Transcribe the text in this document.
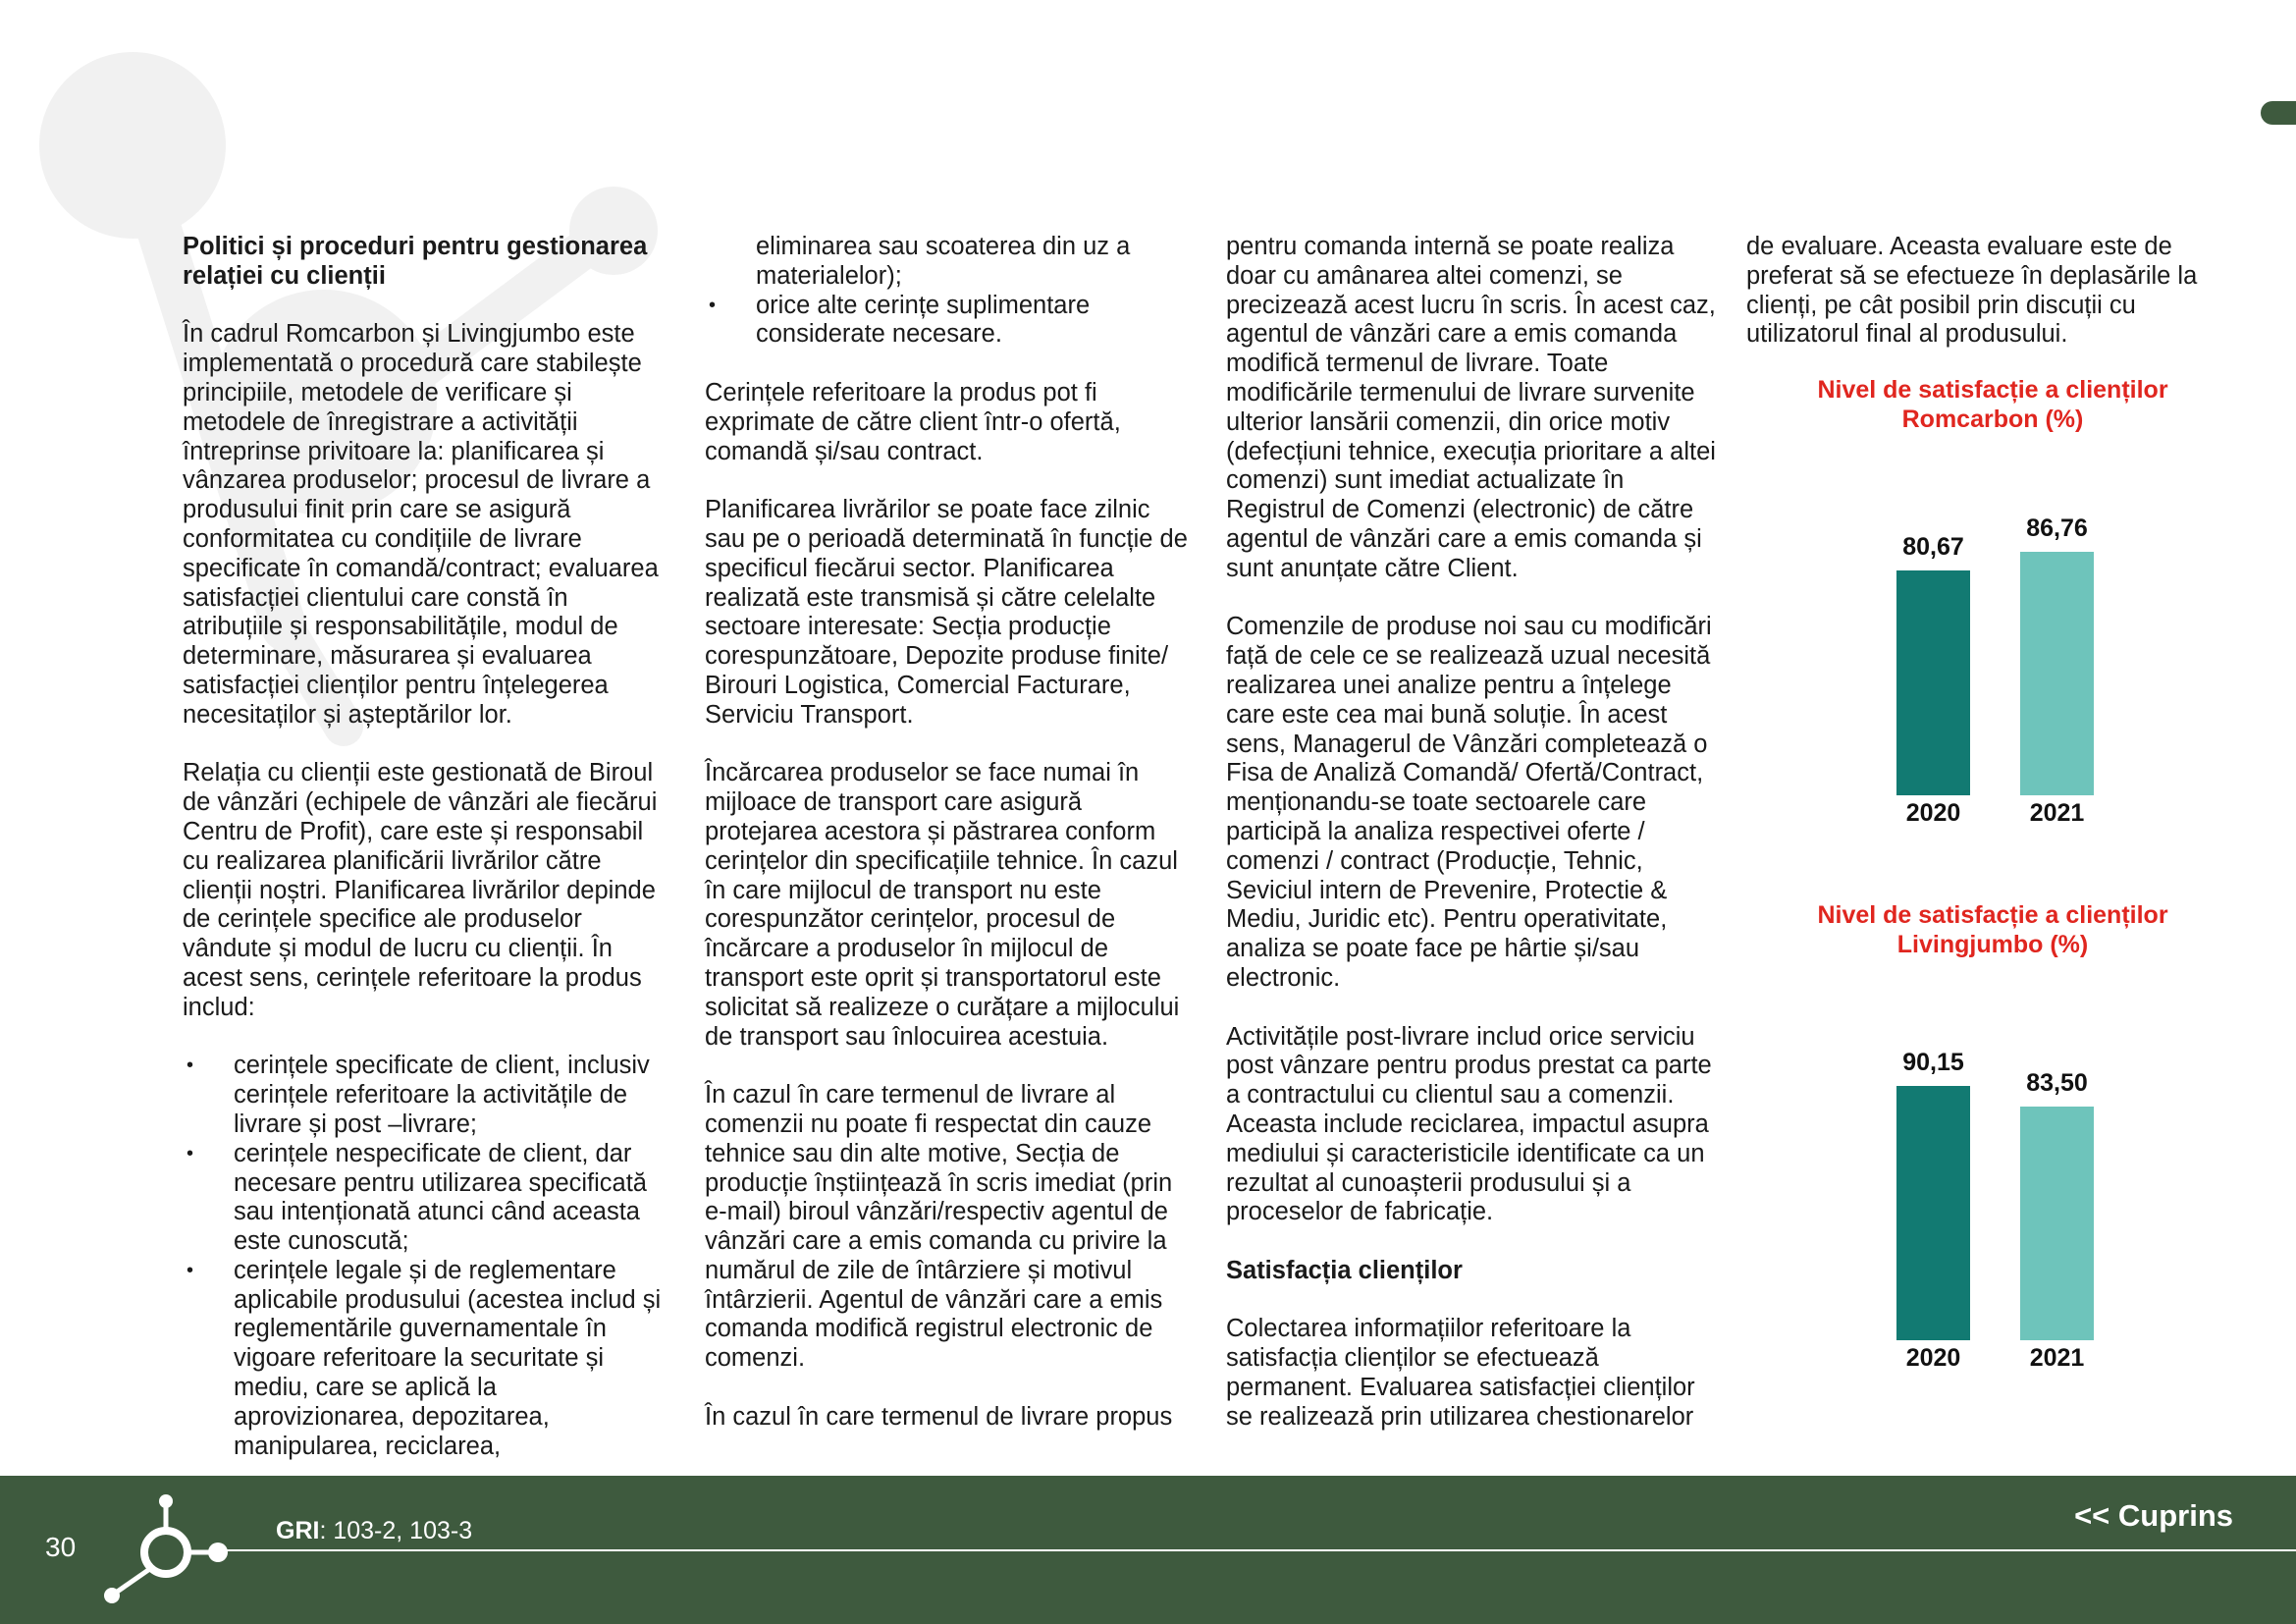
Politici și proceduri pentru gestionarea relației cu clienții

În cadrul Romcarbon și Livingjumbo este implementată o procedură care stabilește principiile, metodele de verificare și metodele de înregistrare a activității întreprinse privitoare la: planificarea și vânzarea produselor; procesul de livrare a produsului finit prin care se asigură conformitatea cu condițiile de livrare specificate în comandă/contract; evaluarea satisfacției clientului care constă în atribuțiile și responsabilitățile, modul de determinare, măsurarea și evaluarea satisfacției clienților pentru înțelegerea necesitaților și așteptărilor lor.

Relația cu clienții este gestionată de Biroul de vânzări (echipele de vânzări ale fiecărui Centru de Profit), care este și responsabil cu realizarea planificării livrărilor către clienții noștri. Planificarea livrărilor depinde de cerințele specifice ale produselor vândute și modul de lucru cu clienții. În acest sens, cerințele referitoare la produs includ:

• cerințele specificate de client, inclusiv cerințele referitoare la activitățile de livrare și post –livrare;
• cerințele nespecificate de client, dar necesare pentru utilizarea specificată sau intenționată atunci când aceasta este cunoscută;
• cerințele legale și de reglementare aplicabile produsului (acestea includ și reglementările guvernamentale în vigoare referitoare la securitate și mediu, care se aplică la aprovizionarea, depozitarea, manipularea, reciclarea,
eliminarea sau scoaterea din uz a materialelor);
• orice alte cerințe suplimentare considerate necesare.

Cerințele referitoare la produs pot fi exprimate de către client într-o ofertă, comandă și/sau contract.

Planificarea livrărilor se poate face zilnic sau pe o perioadă determinată în funcție de specificul fiecărui sector. Planificarea realizată este transmisă și către celelalte sectoare interesate: Secția producție corespunzătoare, Depozite produse finite/ Birouri Logistica, Comercial Facturare, Serviciu Transport.

Încărcarea produselor se face numai în mijloace de transport care asigură protejarea acestora și păstrarea conform cerințelor din specificațiile tehnice. În cazul în care mijlocul de transport nu este corespunzător cerințelor, procesul de încărcare a produselor în mijlocul de transport este oprit și transportatorul este solicitat să realizeze o curățare a mijlocului de transport sau înlocuirea acestuia.

În cazul în care termenul de livrare al comenzii nu poate fi respectat din cauze tehnice sau din alte motive, Secția de producție înștiințează în scris imediat (prin e-mail) biroul vânzări/respectiv agentul de vânzări care a emis comanda cu privire la numărul de zile de întârziere și motivul întârzierii. Agentul de vânzări care a emis comanda modifică registrul electronic de comenzi.

În cazul în care termenul de livrare propus

pentru comanda internă se poate realiza doar cu amânarea altei comenzi, se precizează acest lucru în scris. În acest caz, agentul de vânzări care a emis comanda modifică termenul de livrare. Toate modificările termenului de livrare survenite ulterior lansării comenzii, din orice motiv (defecțiuni tehnice, execuția prioritare a altei comenzi) sunt imediat actualizate în Registrul de Comenzi (electronic) de către agentul de vânzări care a emis comanda și sunt anunțate către Client.

Comenzile de produse noi sau cu modificări față de cele ce se realizează uzual necesită realizarea unei analize pentru a înțelege care este cea mai bună soluție. În acest sens, Managerul de Vânzări completează o Fisa de Analiză Comandă/ Ofertă/Contract, menționandu-se toate sectoarele care participă la analiza respectivei oferte / comenzi / contract (Producție, Tehnic, Seviciul intern de Prevenire, Protectie & Mediu, Juridic etc). Pentru operativitate, analiza se poate face pe hârtie și/sau electronic.

Activitățile post-livrare includ orice serviciu post vânzare pentru produs prestat ca parte a contractului cu clientul sau a comenzii. Aceasta include reciclarea, impactul asupra mediului și caracteristicile identificate ca un rezultat al cunoașterii produsului și a proceselor de fabricație.

Satisfacția clienților

Colectarea informațiilor referitoare la satisfacția clienților se efectuează permanent. Evaluarea satisfacției clienților se realizează prin utilizarea chestionarelor

de evaluare. Aceasta evaluare este de preferat să se efectueze în deplasările la clienți, pe cât posibil prin discuții cu utilizatorul final al produsului.

Nivel de satisfacție a clienților Romcarbon (%)
80,67
2020
86,76
2021
Nivel de satisfacție a clienților Livingjumbo (%)
90,15
2020
83,50
2021
30
GRI: 103-2, 103-3	<< Cuprins
